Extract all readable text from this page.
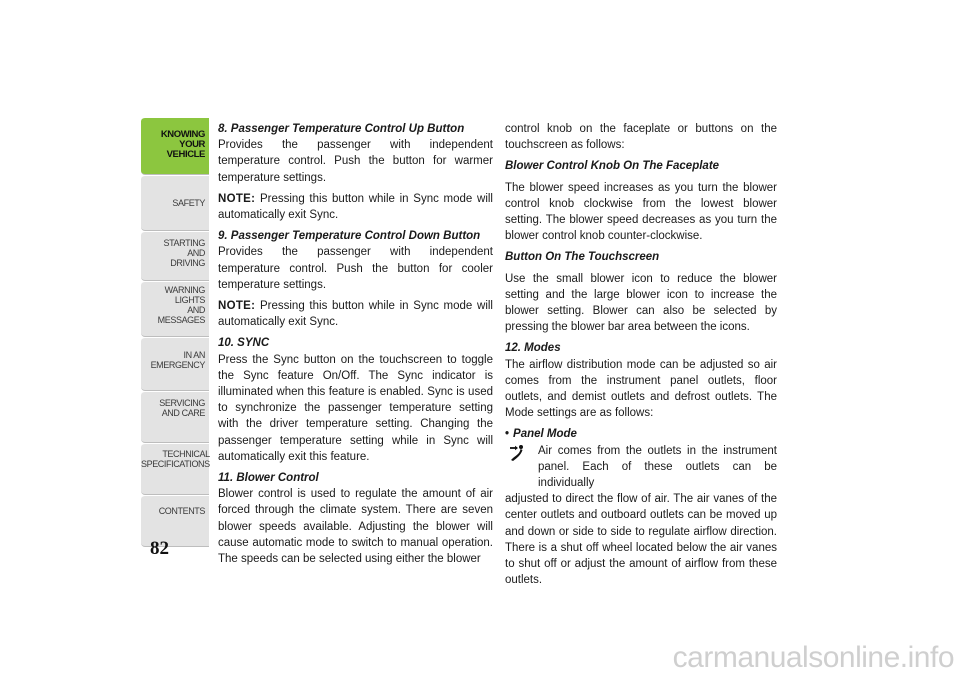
KNOWING
YOUR
VEHICLE
SAFETY
STARTING
AND
DRIVING
WARNING
LIGHTS
AND
MESSAGES
IN AN
EMERGENCY
SERVICING
AND CARE
TECHNICAL
SPECIFICATIONS
CONTENTS
82

8. Passenger Temperature Control Up Button

Provides the passenger with independent temperature control. Push the button for warmer temperature settings.

NOTE: Pressing this button while in Sync mode will automatically exit Sync.

9. Passenger Temperature Control Down Button

Provides the passenger with independent temperature control. Push the button for cooler temperature settings.

NOTE: Pressing this button while in Sync mode will automatically exit Sync.

10. SYNC

Press the Sync button on the touchscreen to toggle the Sync feature On/Off. The Sync indicator is illuminated when this feature is enabled. Sync is used to synchronize the passenger temperature setting with the driver temperature setting. Changing the passenger temperature setting while in Sync will automatically exit this feature.

11. Blower Control

Blower control is used to regulate the amount of air forced through the climate system. There are seven blower speeds available. Adjusting the blower will cause automatic mode to switch to manual operation. The speeds can be selected using either the blower

control knob on the faceplate or buttons on the touchscreen as follows:

Blower Control Knob On The Faceplate

The blower speed increases as you turn the blower control knob clockwise from the lowest blower setting. The blower speed decreases as you turn the blower control knob counter-clockwise.

Button On The Touchscreen

Use the small blower icon to reduce the blower setting and the large blower icon to increase the blower setting. Blower can also be selected by pressing the blower bar area between the icons.

12. Modes

The airflow distribution mode can be adjusted so air comes from the instrument panel outlets, floor outlets, and demist outlets and defrost outlets. The Mode settings are as follows:

• Panel Mode

Air comes from the outlets in the instrument panel. Each of these outlets can be individually

adjusted to direct the flow of air. The air vanes of the center outlets and outboard outlets can be moved up and down or side to side to regulate airflow direction. There is a shut off wheel located below the air vanes to shut off or adjust the amount of airflow from these outlets.

carmanualsonline.info
